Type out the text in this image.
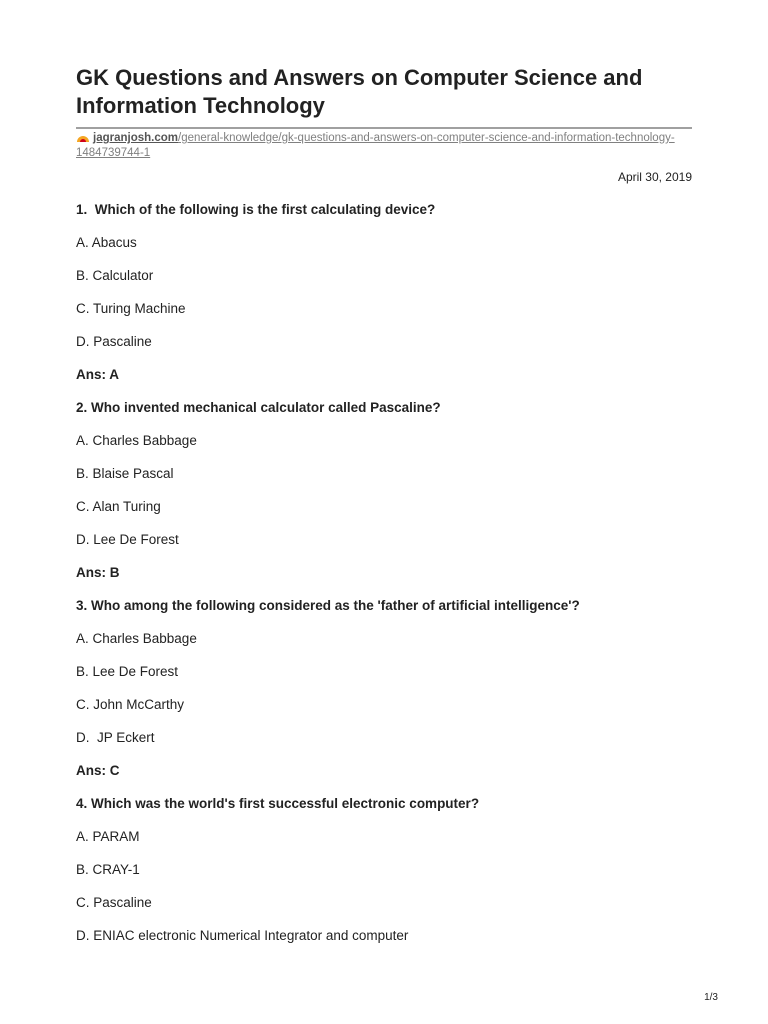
GK Questions and Answers on Computer Science and Information Technology
jagranjosh.com/general-knowledge/gk-questions-and-answers-on-computer-science-and-information-technology-1484739744-1
April 30, 2019
1.  Which of the following is the first calculating device?
A. Abacus
B. Calculator
C. Turing Machine
D. Pascaline
Ans: A
2. Who invented mechanical calculator called Pascaline?
A. Charles Babbage
B. Blaise Pascal
C. Alan Turing
D. Lee De Forest
Ans: B
3. Who among the following considered as the 'father of artificial intelligence'?
A. Charles Babbage
B. Lee De Forest
C. John McCarthy
D.  JP Eckert
Ans: C
4. Which was the world's first successful electronic computer?
A. PARAM
B. CRAY-1
C. Pascaline
D. ENIAC electronic Numerical Integrator and computer
1/3
